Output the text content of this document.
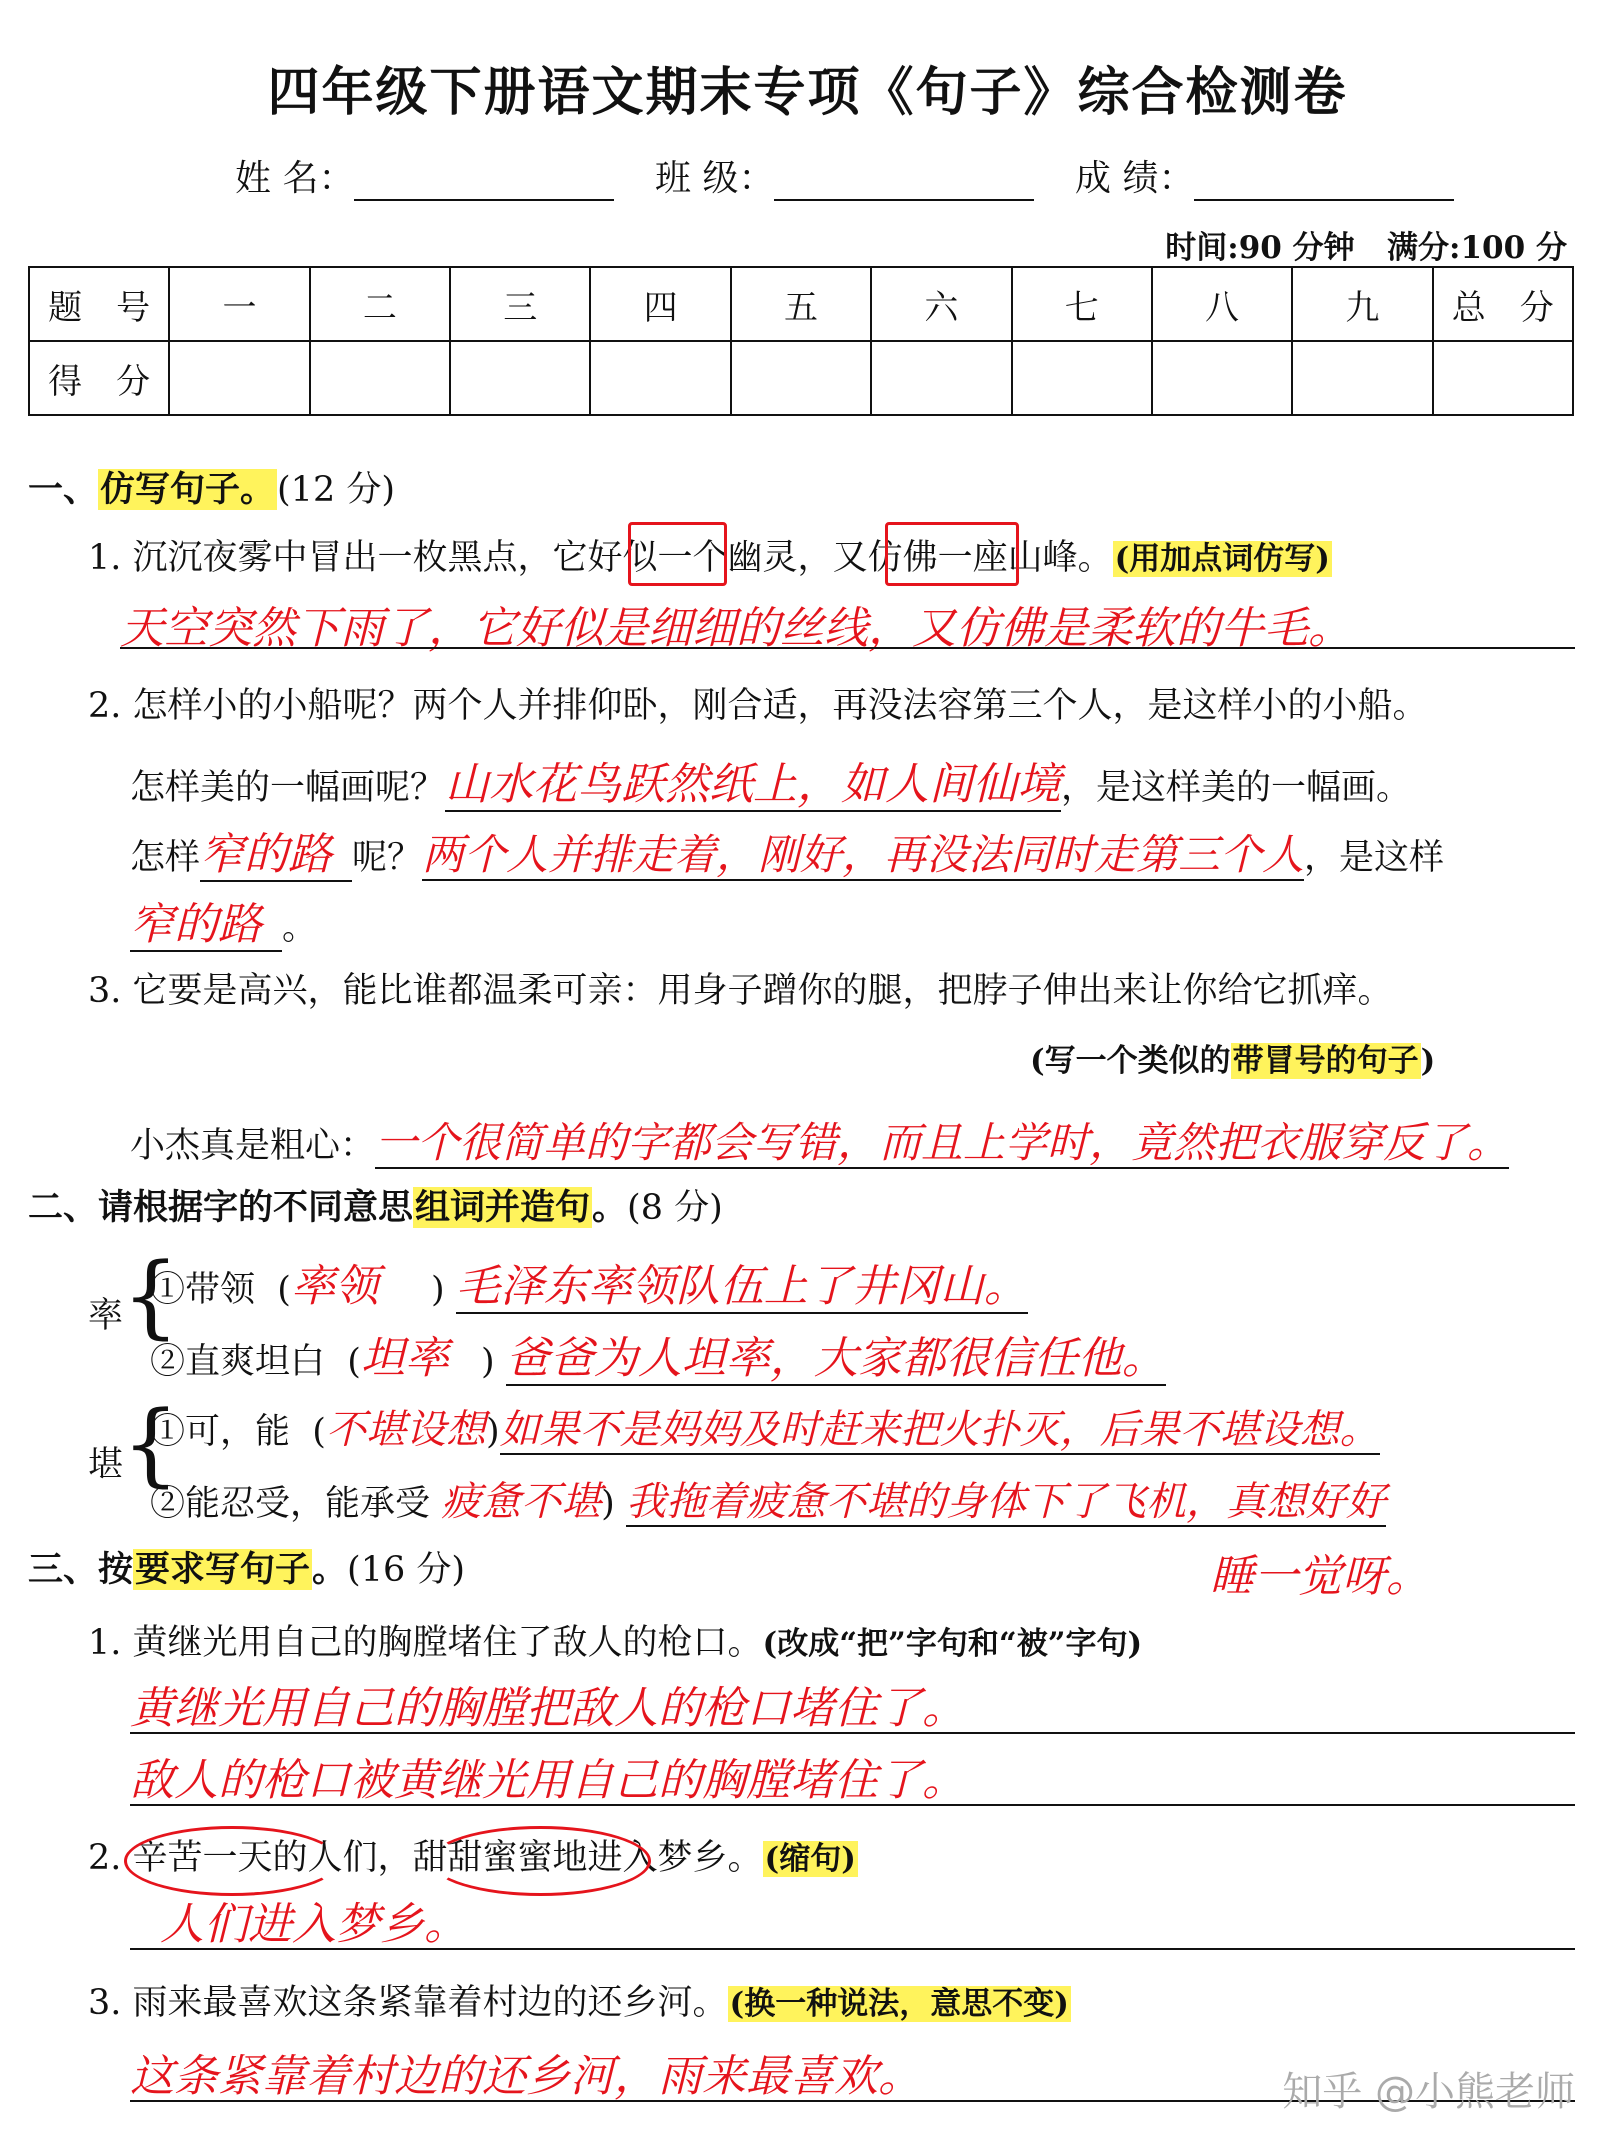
四年级下册语文期末专项《句子》综合检测卷
姓 名：	班 级：	成 绩：
时间:90 分钟 满分:100 分
题　号	一	二	三	四	五	六	七	八	九	总　分
得　分										
一、仿写句子。(12 分)
1. 沉沉夜雾中冒出一枚黑点，它好似一个幽灵，又仿佛一座山峰。(用加点词仿写)
天空突然下雨了，它好似是细细的丝线，又仿佛是柔软的牛毛。
2. 怎样小的小船呢？两个人并排仰卧，刚合适，再没法容第三个人，是这样小的小船。
怎样美的一幅画呢？山水花鸟跃然纸上，如人间仙境，是这样美的一幅画。
怎样窄的路 呢？两个人并排走着，刚好，再没法同时走第三个人，是这样
窄的路 。
3. 它要是高兴，能比谁都温柔可亲：用身子蹭你的腿，把脖子伸出来让你给它抓痒。
(写一个类似的带冒号的句子)
小杰真是粗心：一个很简单的字都会写错，而且上学时，竟然把衣服穿反了。
二、请根据字的不同意思组词并造句。(8 分)
率
{
①带领 (率领 ) 毛泽东率领队伍上了井冈山。
②直爽坦白 (坦率 ) 爸爸为人坦率，大家都很信任他。
堪
{
①可，能 (不堪设想)如果不是妈妈及时赶来把火扑灭，后果不堪设想。
②能忍受，能承受 疲惫不堪) 我拖着疲惫不堪的身体下了飞机，真想好好
睡一觉呀。
三、按要求写句子。(16 分)
1. 黄继光用自己的胸膛堵住了敌人的枪口。(改成“把”字句和“被”字句)
黄继光用自己的胸膛把敌人的枪口堵住了。
敌人的枪口被黄继光用自己的胸膛堵住了。
2. 辛苦一天的人们，甜甜蜜蜜地进入梦乡。(缩句)
人们进入梦乡。
3. 雨来最喜欢这条紧靠着村边的还乡河。(换一种说法，意思不变)
这条紧靠着村边的还乡河，雨来最喜欢。	知乎 @小熊老师
